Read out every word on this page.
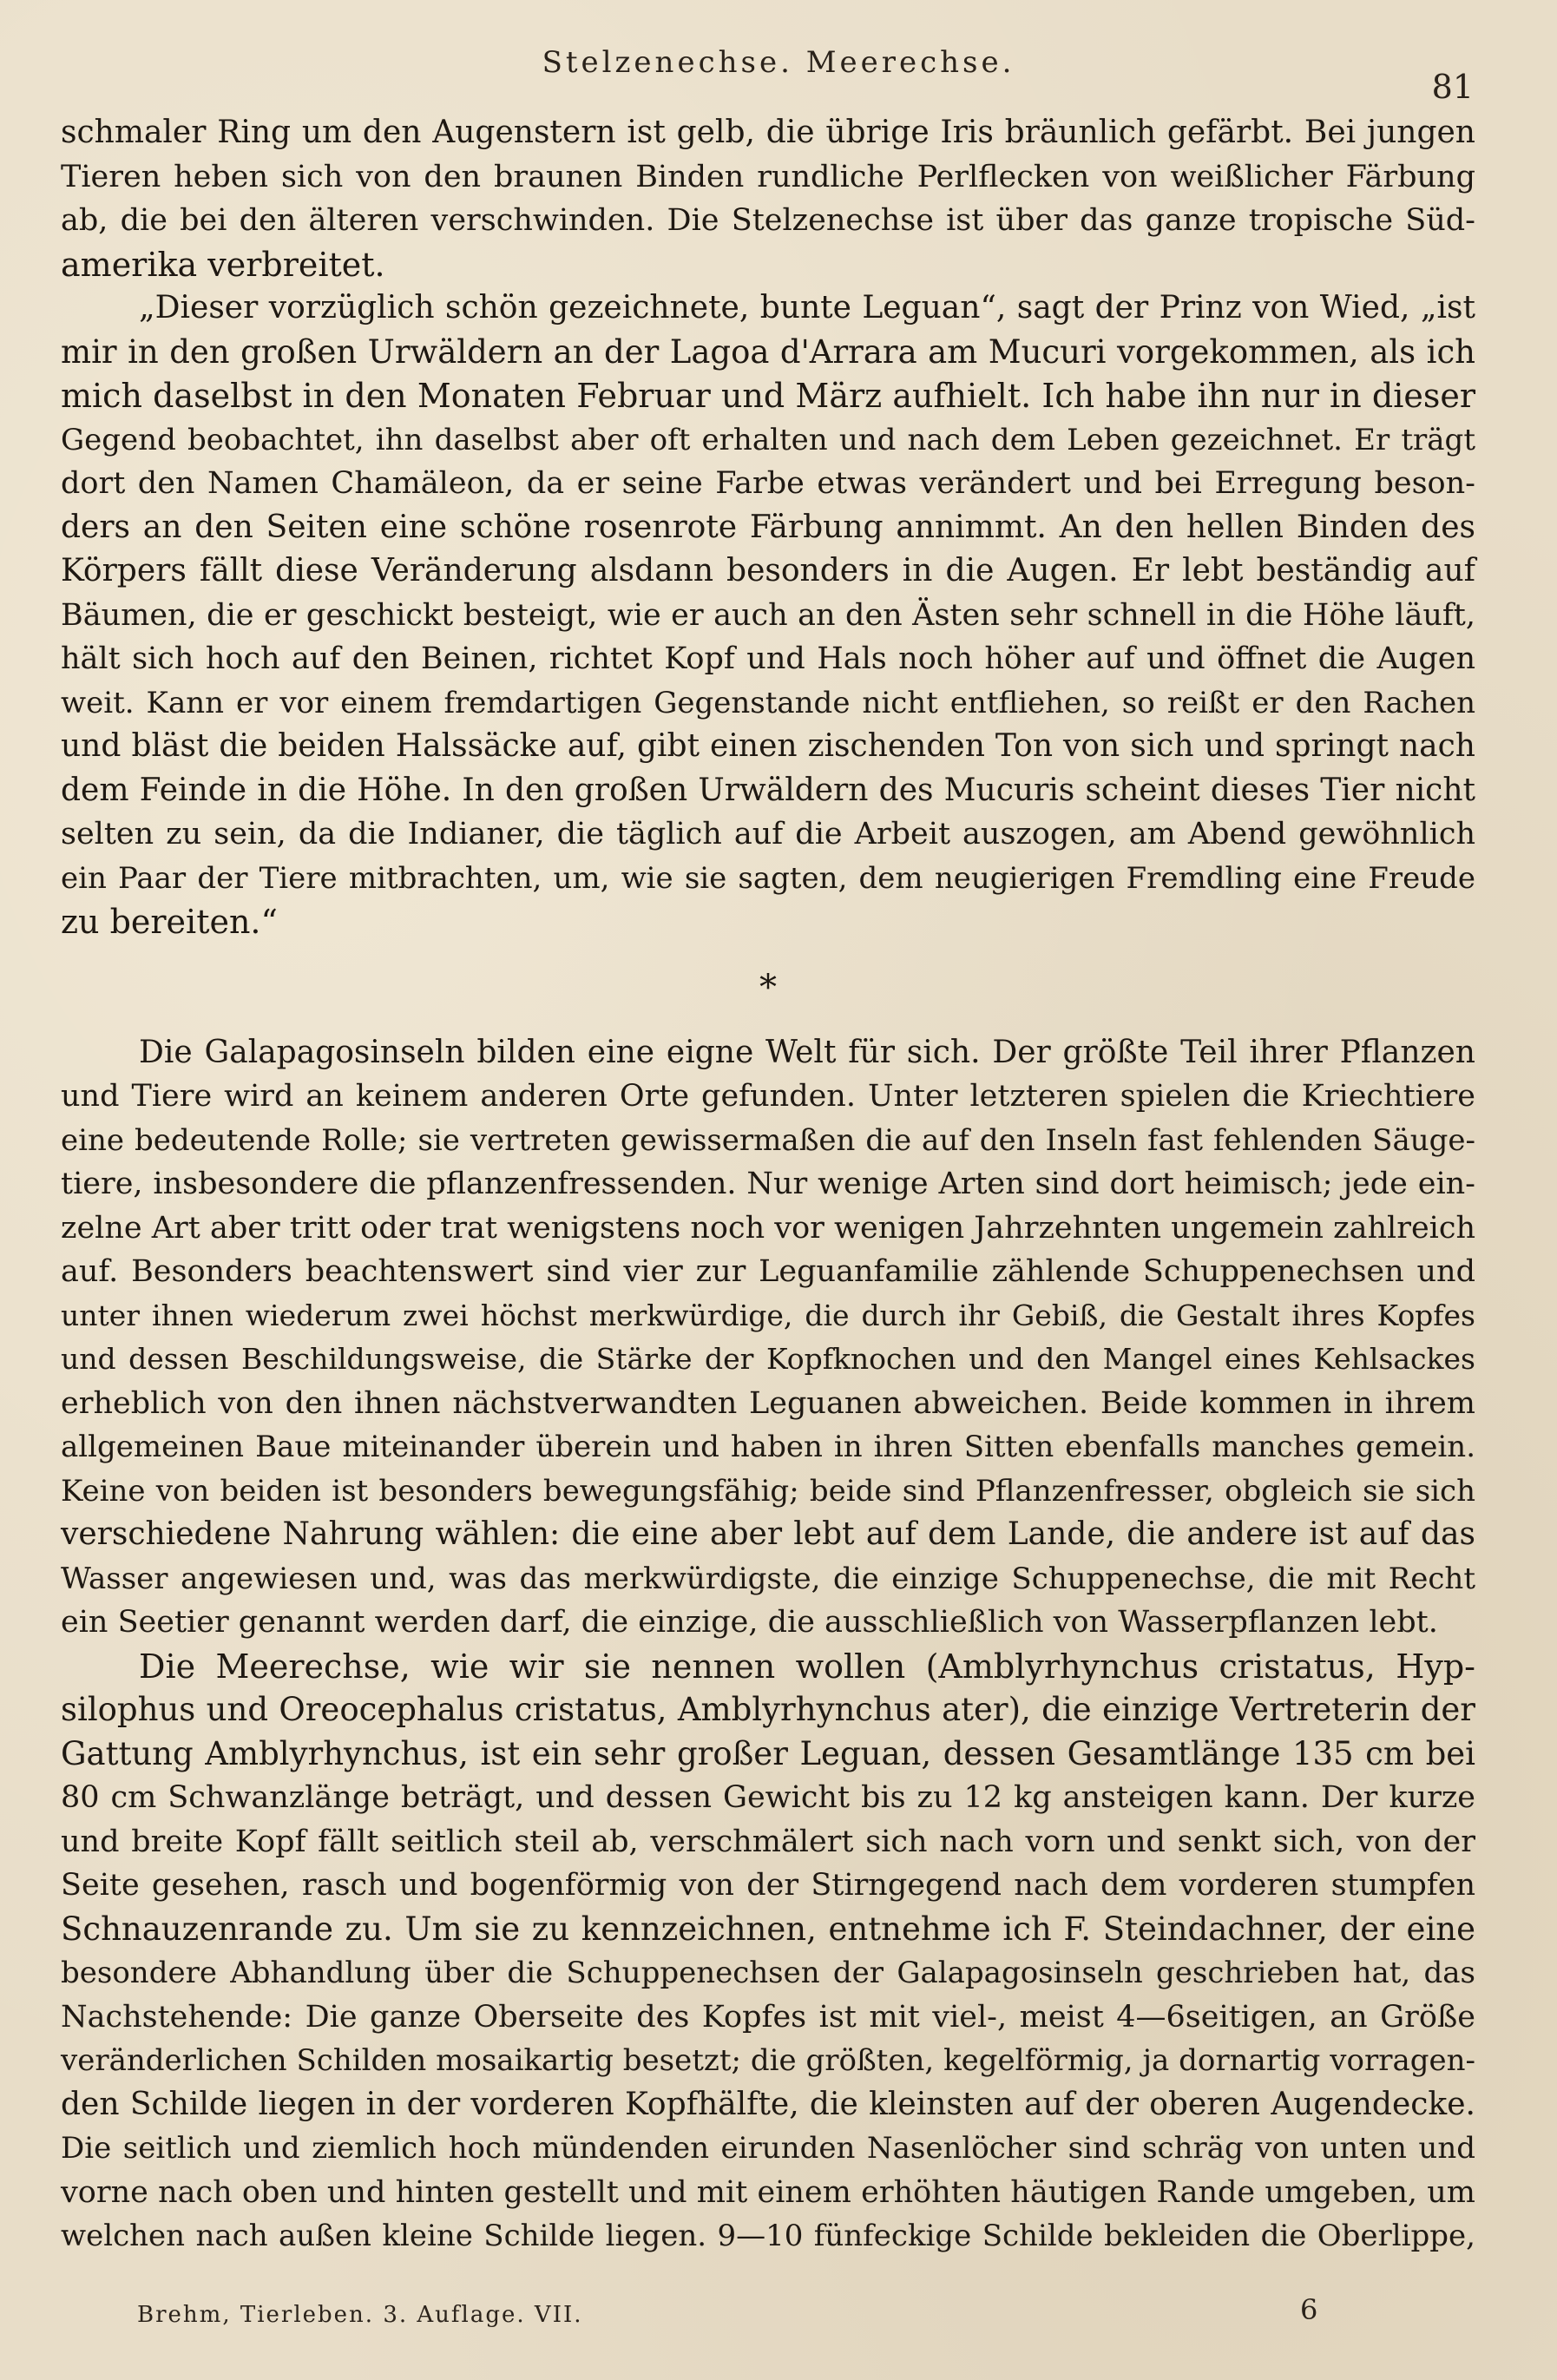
Stelzenechse. Meerechse.
81
schmaler Ring um den Augenstern ist gelb, die übrige Iris bräunlich gefärbt. Bei jungen
Tieren heben sich von den braunen Binden rundliche Perlflecken von weißlicher Färbung
ab, die bei den älteren verschwinden. Die Stelzenechse ist über das ganze tropische Süd-
amerika verbreitet.
„Dieser vorzüglich schön gezeichnete, bunte Leguan“, sagt der Prinz von Wied, „ist
mir in den großen Urwäldern an der Lagoa d'Arrara am Mucuri vorgekommen, als ich
mich daselbst in den Monaten Februar und März aufhielt. Ich habe ihn nur in dieser
Gegend beobachtet, ihn daselbst aber oft erhalten und nach dem Leben gezeichnet. Er trägt
dort den Namen Chamäleon, da er seine Farbe etwas verändert und bei Erregung beson-
ders an den Seiten eine schöne rosenrote Färbung annimmt. An den hellen Binden des
Körpers fällt diese Veränderung alsdann besonders in die Augen. Er lebt beständig auf
Bäumen, die er geschickt besteigt, wie er auch an den Ästen sehr schnell in die Höhe läuft,
hält sich hoch auf den Beinen, richtet Kopf und Hals noch höher auf und öffnet die Augen
weit. Kann er vor einem fremdartigen Gegenstande nicht entfliehen, so reißt er den Rachen
und bläst die beiden Halssäcke auf, gibt einen zischenden Ton von sich und springt nach
dem Feinde in die Höhe. In den großen Urwäldern des Mucuris scheint dieses Tier nicht
selten zu sein, da die Indianer, die täglich auf die Arbeit auszogen, am Abend gewöhnlich
ein Paar der Tiere mitbrachten, um, wie sie sagten, dem neugierigen Fremdling eine Freude
zu bereiten.“
*
Die Galapagosinseln bilden eine eigne Welt für sich. Der größte Teil ihrer Pflanzen
und Tiere wird an keinem anderen Orte gefunden. Unter letzteren spielen die Kriechtiere
eine bedeutende Rolle; sie vertreten gewissermaßen die auf den Inseln fast fehlenden Säuge-
tiere, insbesondere die pflanzenfressenden. Nur wenige Arten sind dort heimisch; jede ein-
zelne Art aber tritt oder trat wenigstens noch vor wenigen Jahrzehnten ungemein zahlreich
auf. Besonders beachtenswert sind vier zur Leguanfamilie zählende Schuppenechsen und
unter ihnen wiederum zwei höchst merkwürdige, die durch ihr Gebiß, die Gestalt ihres Kopfes
und dessen Beschildungsweise, die Stärke der Kopfknochen und den Mangel eines Kehlsackes
erheblich von den ihnen nächstverwandten Leguanen abweichen. Beide kommen in ihrem
allgemeinen Baue miteinander überein und haben in ihren Sitten ebenfalls manches gemein.
Keine von beiden ist besonders bewegungsfähig; beide sind Pflanzenfresser, obgleich sie sich
verschiedene Nahrung wählen: die eine aber lebt auf dem Lande, die andere ist auf das
Wasser angewiesen und, was das merkwürdigste, die einzige Schuppenechse, die mit Recht
ein Seetier genannt werden darf, die einzige, die ausschließlich von Wasserpflanzen lebt.
Die Meerechse, wie wir sie nennen wollen (Amblyrhynchus cristatus, Hyp-
silophus und Oreocephalus cristatus, Amblyrhynchus ater), die einzige Vertreterin der
Gattung Amblyrhynchus, ist ein sehr großer Leguan, dessen Gesamtlänge 135 cm bei
80 cm Schwanzlänge beträgt, und dessen Gewicht bis zu 12 kg ansteigen kann. Der kurze
und breite Kopf fällt seitlich steil ab, verschmälert sich nach vorn und senkt sich, von der
Seite gesehen, rasch und bogenförmig von der Stirngegend nach dem vorderen stumpfen
Schnauzenrande zu. Um sie zu kennzeichnen, entnehme ich F. Steindachner, der eine
besondere Abhandlung über die Schuppenechsen der Galapagosinseln geschrieben hat, das
Nachstehende: Die ganze Oberseite des Kopfes ist mit viel-, meist 4—6seitigen, an Größe
veränderlichen Schilden mosaikartig besetzt; die größten, kegelförmig, ja dornartig vorragen-
den Schilde liegen in der vorderen Kopfhälfte, die kleinsten auf der oberen Augendecke.
Die seitlich und ziemlich hoch mündenden eirunden Nasenlöcher sind schräg von unten und
vorne nach oben und hinten gestellt und mit einem erhöhten häutigen Rande umgeben, um
welchen nach außen kleine Schilde liegen. 9—10 fünfeckige Schilde bekleiden die Oberlippe,
Brehm, Tierleben. 3. Auflage. VII.	6
